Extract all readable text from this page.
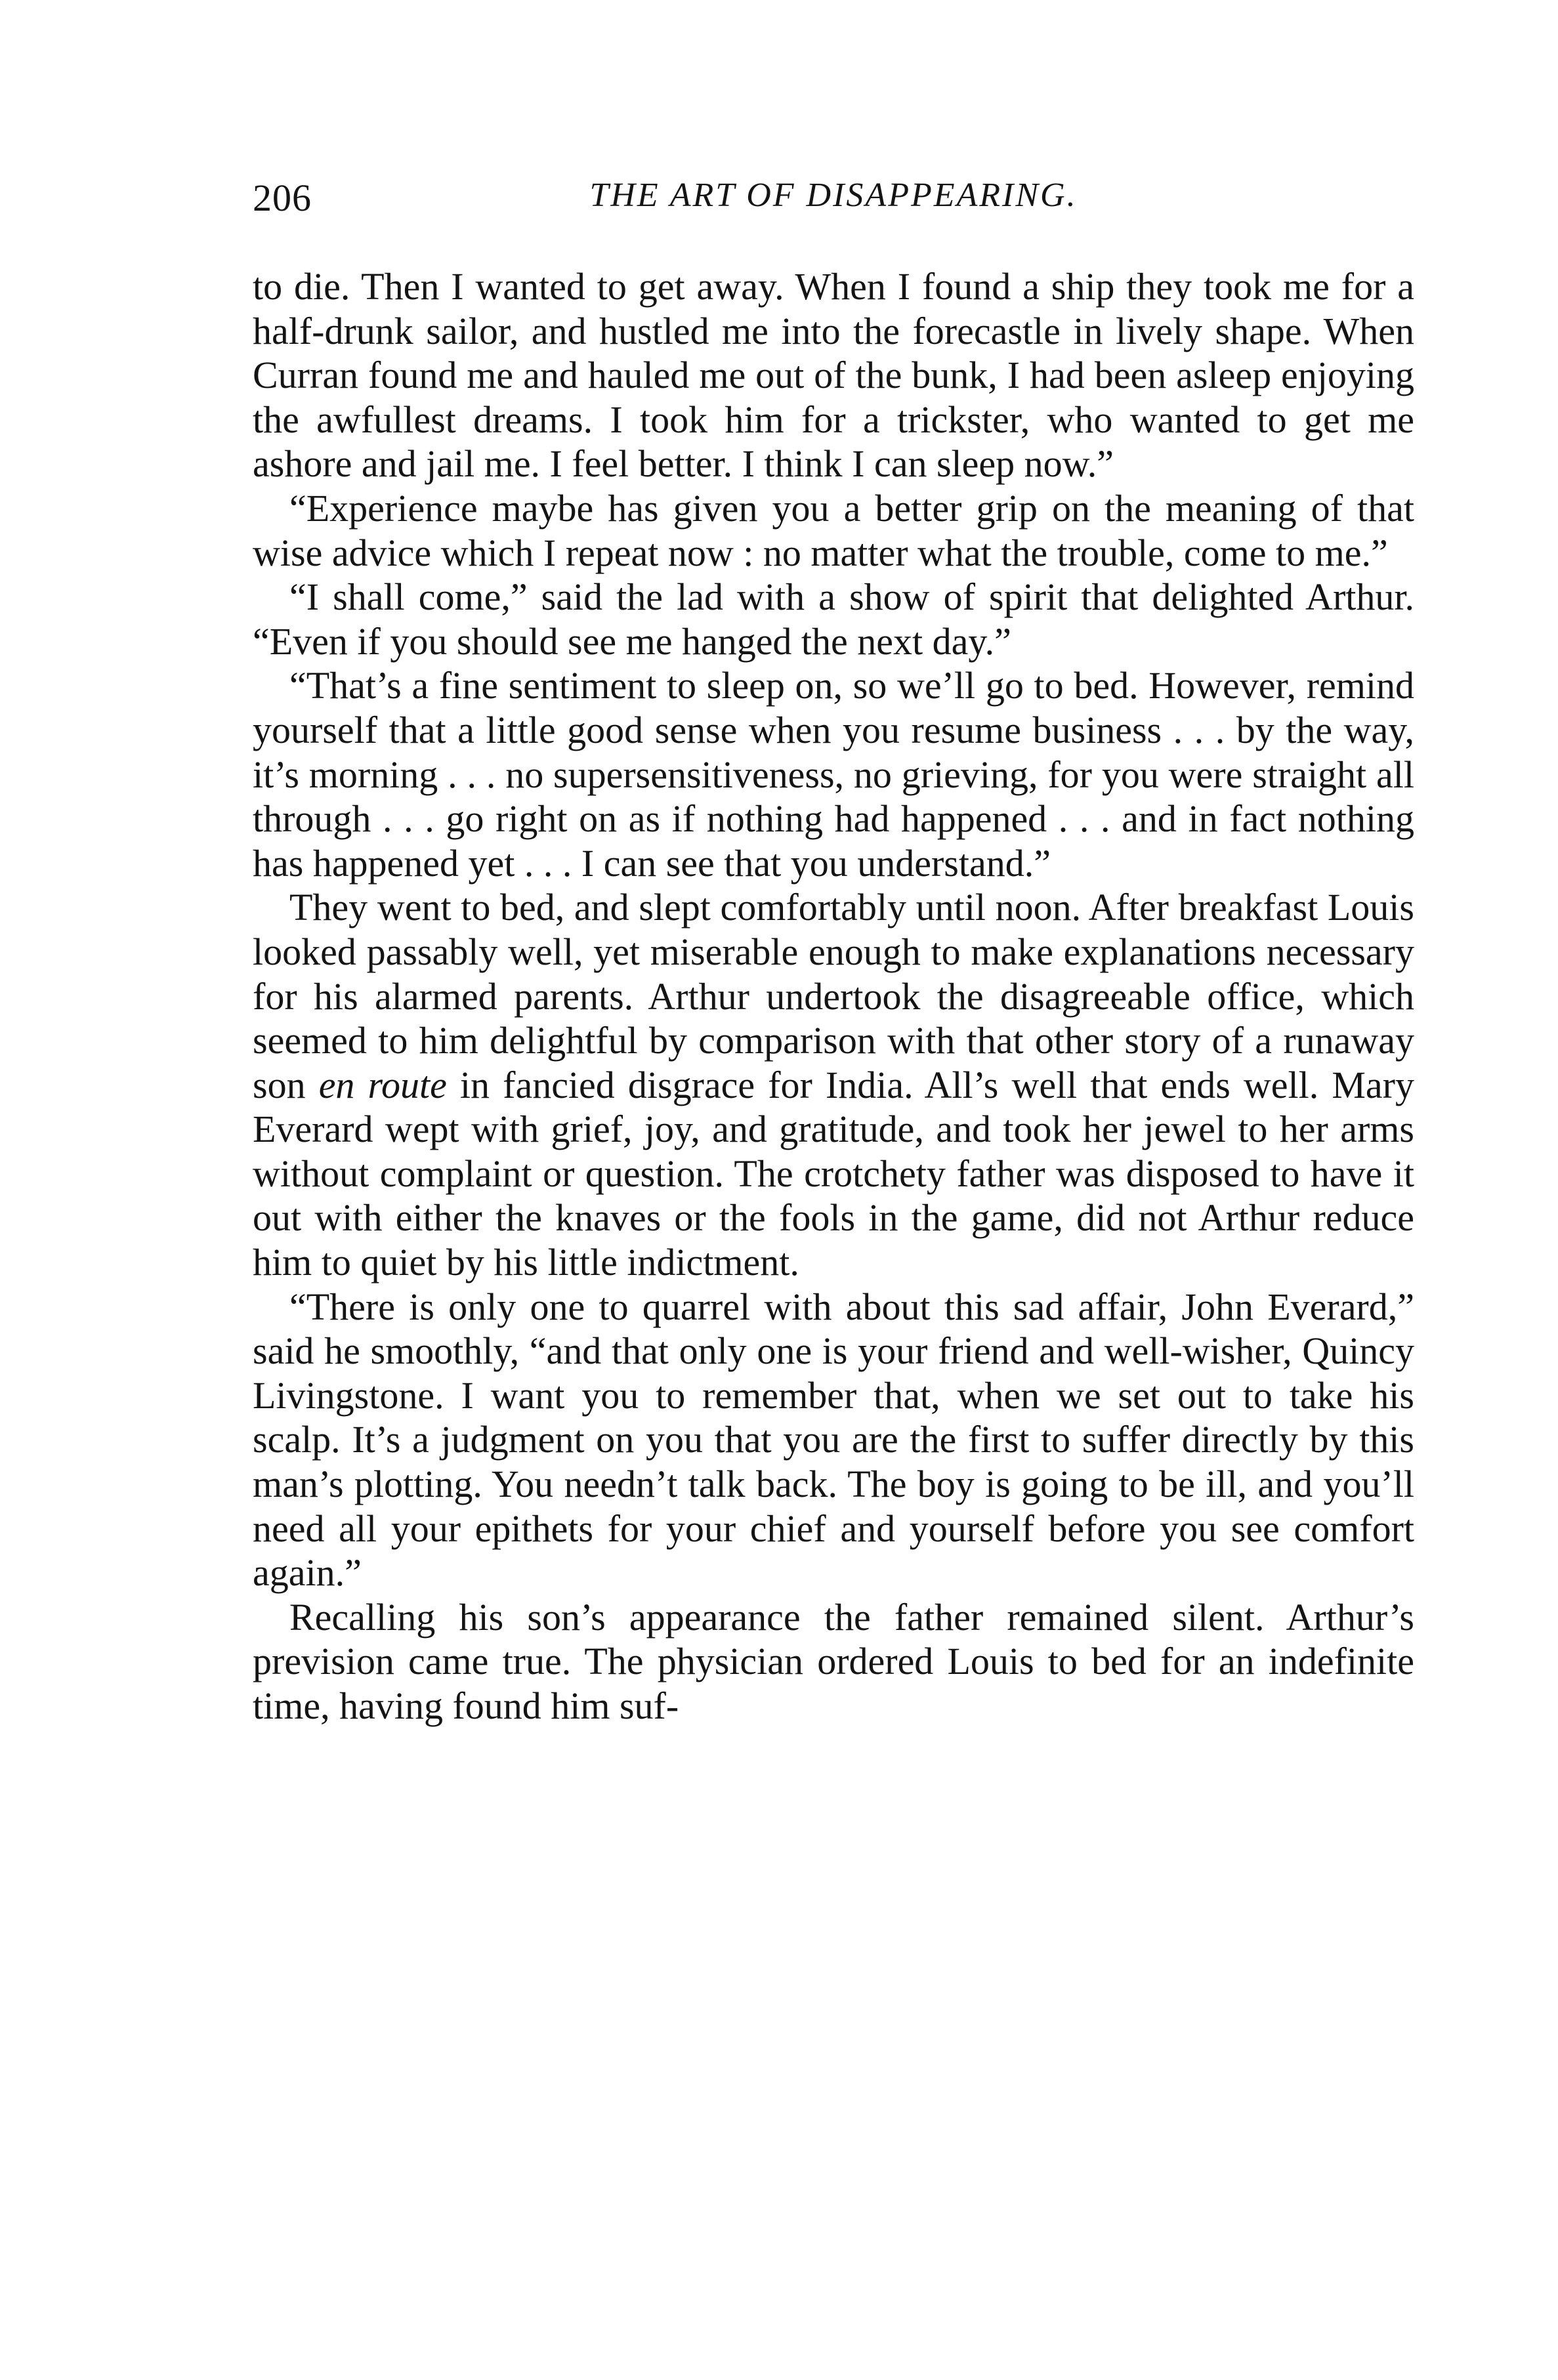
206	THE ART OF DISAPPEARING.

to die. Then I wanted to get away. When I found a ship they took me for a half-drunk sailor, and hustled me into the forecastle in lively shape. When Curran found me and hauled me out of the bunk, I had been asleep enjoying the awfullest dreams. I took him for a trickster, who wanted to get me ashore and jail me. I feel better. I think I can sleep now.”

“Experience maybe has given you a better grip on the meaning of that wise advice which I repeat now : no matter what the trouble, come to me.”

“I shall come,” said the lad with a show of spirit that delighted Arthur. “Even if you should see me hanged the next day.”

“That’s a fine sentiment to sleep on, so we’ll go to bed. However, remind yourself that a little good sense when you resume business . . . by the way, it’s morning . . . no supersensitiveness, no grieving, for you were straight all through . . . go right on as if nothing had happened . . . and in fact nothing has happened yet . . . I can see that you understand.”

They went to bed, and slept comfortably until noon. After breakfast Louis looked passably well, yet miserable enough to make explanations necessary for his alarmed parents. Arthur undertook the disagreeable office, which seemed to him delightful by comparison with that other story of a runaway son en route in fancied disgrace for India. All’s well that ends well. Mary Everard wept with grief, joy, and gratitude, and took her jewel to her arms without complaint or question. The crotchety father was disposed to have it out with either the knaves or the fools in the game, did not Arthur reduce him to quiet by his little indictment.

“There is only one to quarrel with about this sad affair, John Everard,” said he smoothly, “and that only one is your friend and well-wisher, Quincy Livingstone. I want you to remember that, when we set out to take his scalp. It’s a judgment on you that you are the first to suffer directly by this man’s plotting. You needn’t talk back. The boy is going to be ill, and you’ll need all your epithets for your chief and yourself before you see comfort again.”

Recalling his son’s appearance the father remained silent. Arthur’s prevision came true. The physician ordered Louis to bed for an indefinite time, having found him suf-
